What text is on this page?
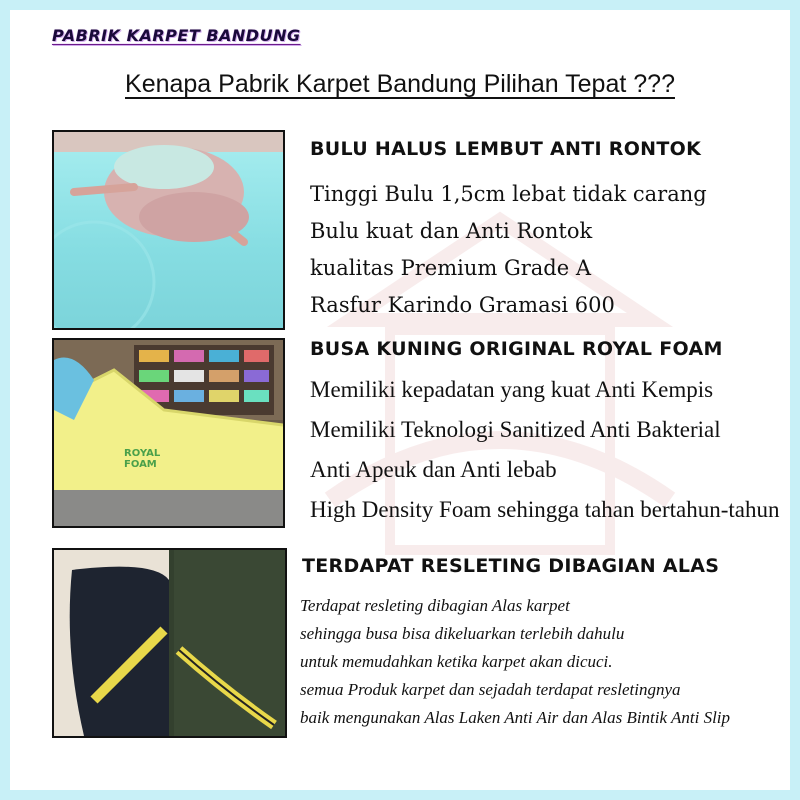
PABRIK KARPET BANDUNG
Kenapa Pabrik Karpet Bandung Pilihan Tepat ???
BULU HALUS LEMBUT ANTI RONTOK
Tinggi Bulu 1,5cm lebat tidak carang
Bulu kuat dan Anti Rontok
kualitas Premium Grade A
Rasfur Karindo Gramasi 600
ROYAL FOAM
BUSA KUNING ORIGINAL ROYAL FOAM
Memiliki kepadatan yang kuat Anti Kempis
Memiliki Teknologi Sanitized Anti Bakterial
Anti Apeuk dan Anti lebab
High Density Foam sehingga tahan bertahun-tahun
TERDAPAT RESLETING DIBAGIAN ALAS
Terdapat resleting dibagian Alas karpet
sehingga busa bisa dikeluarkan terlebih dahulu
untuk memudahkan ketika karpet akan dicuci.
semua Produk karpet dan sejadah terdapat resletingnya
baik mengunakan Alas Laken Anti Air dan Alas Bintik Anti Slip
